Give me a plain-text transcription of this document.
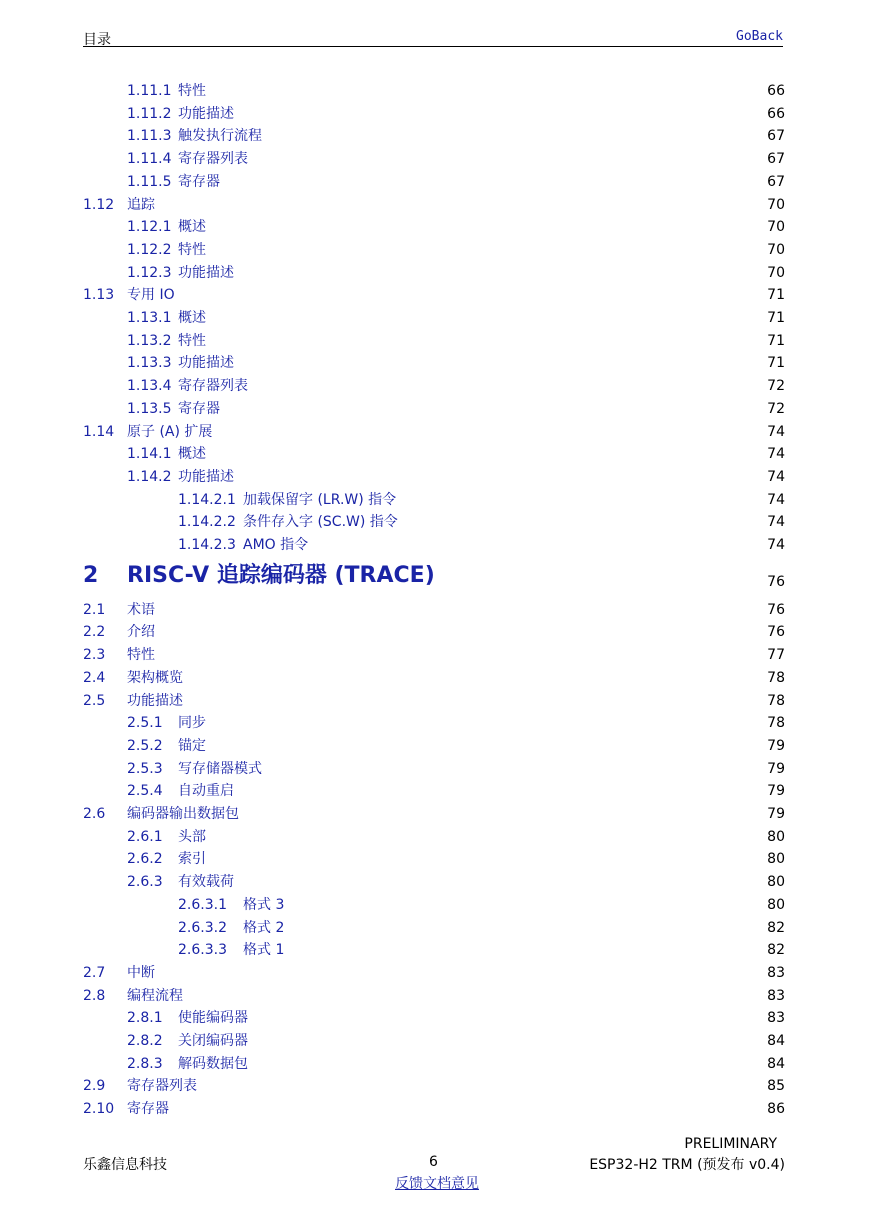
目录	GoBack
1.11.1 特性	66
1.11.2 功能描述	66
1.11.3 触发执行流程	67
1.11.4 寄存器列表	67
1.11.5 寄存器	67
1.12 追踪	70
1.12.1 概述	70
1.12.2 特性	70
1.12.3 功能描述	70
1.13 专用 IO	71
1.13.1 概述	71
1.13.2 特性	71
1.13.3 功能描述	71
1.13.4 寄存器列表	72
1.13.5 寄存器	72
1.14 原子 (A) 扩展	74
1.14.1 概述	74
1.14.2 功能描述	74
1.14.2.1 加载保留字 (LR.W) 指令	74
1.14.2.2 条件存入字 (SC.W) 指令	74
1.14.2.3 AMO 指令	74
2 RISC-V 追踪编码器 (TRACE)	76
2.1 术语	76
2.2 介绍	76
2.3 特性	77
2.4 架构概览	78
2.5 功能描述	78
2.5.1 同步	78
2.5.2 锚定	79
2.5.3 写存储器模式	79
2.5.4 自动重启	79
2.6 编码器输出数据包	79
2.6.1 头部	80
2.6.2 索引	80
2.6.3 有效载荷	80
2.6.3.1 格式 3	80
2.6.3.2 格式 2	82
2.6.3.3 格式 1	82
2.7 中断	83
2.8 编程流程	83
2.8.1 使能编码器	83
2.8.2 关闭编码器	84
2.8.3 解码数据包	84
2.9 寄存器列表	85
2.10 寄存器	86
乐鑫信息科技	6
PRELIMINARY
ESP32-H2 TRM (预发布 v0.4)
反馈文档意见
